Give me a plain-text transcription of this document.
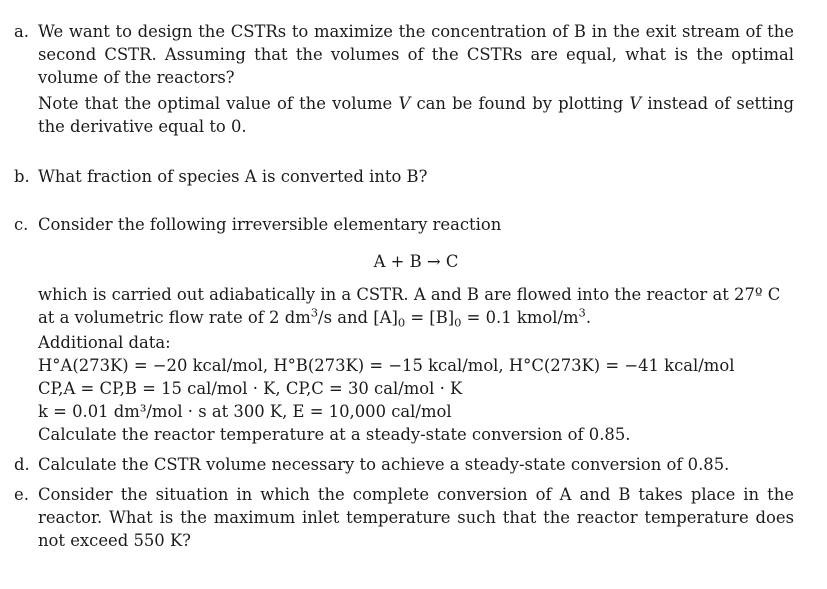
a. We want to design the CSTRs to maximize the concentration of B in the exit stream of the second CSTR. Assuming that the volumes of the CSTRs are equal, what is the optimal volume of the reactors?
Note that the optimal value of the volume V can be found by plotting V instead of setting the derivative equal to 0.
b. What fraction of species A is converted into B?
c. Consider the following irreversible elementary reaction
A + B → C
which is carried out adiabatically in a CSTR. A and B are flowed into the reactor at 27º C
at a volumetric flow rate of 2 $dm^3/s$ and $[A]_0 = [B]_0 = 0.1$ kmol/$m^3$.
Additional data:
H°A(273K) = −20 kcal/mol, H°B(273K) = −15 kcal/mol, H°C(273K) = −41 kcal/mol
CP,A = CP,B = 15 cal/mol · K, CP,C = 30 cal/mol · K
k = 0.01 dm³/mol · s at 300 K, E = 10,000 cal/mol
Calculate the reactor temperature at a steady-state conversion of 0.85.
d. Calculate the CSTR volume necessary to achieve a steady-state conversion of 0.85.
e. Consider the situation in which the complete conversion of A and B takes place in the reactor. What is the maximum inlet temperature such that the reactor temperature does not exceed 550 K?
